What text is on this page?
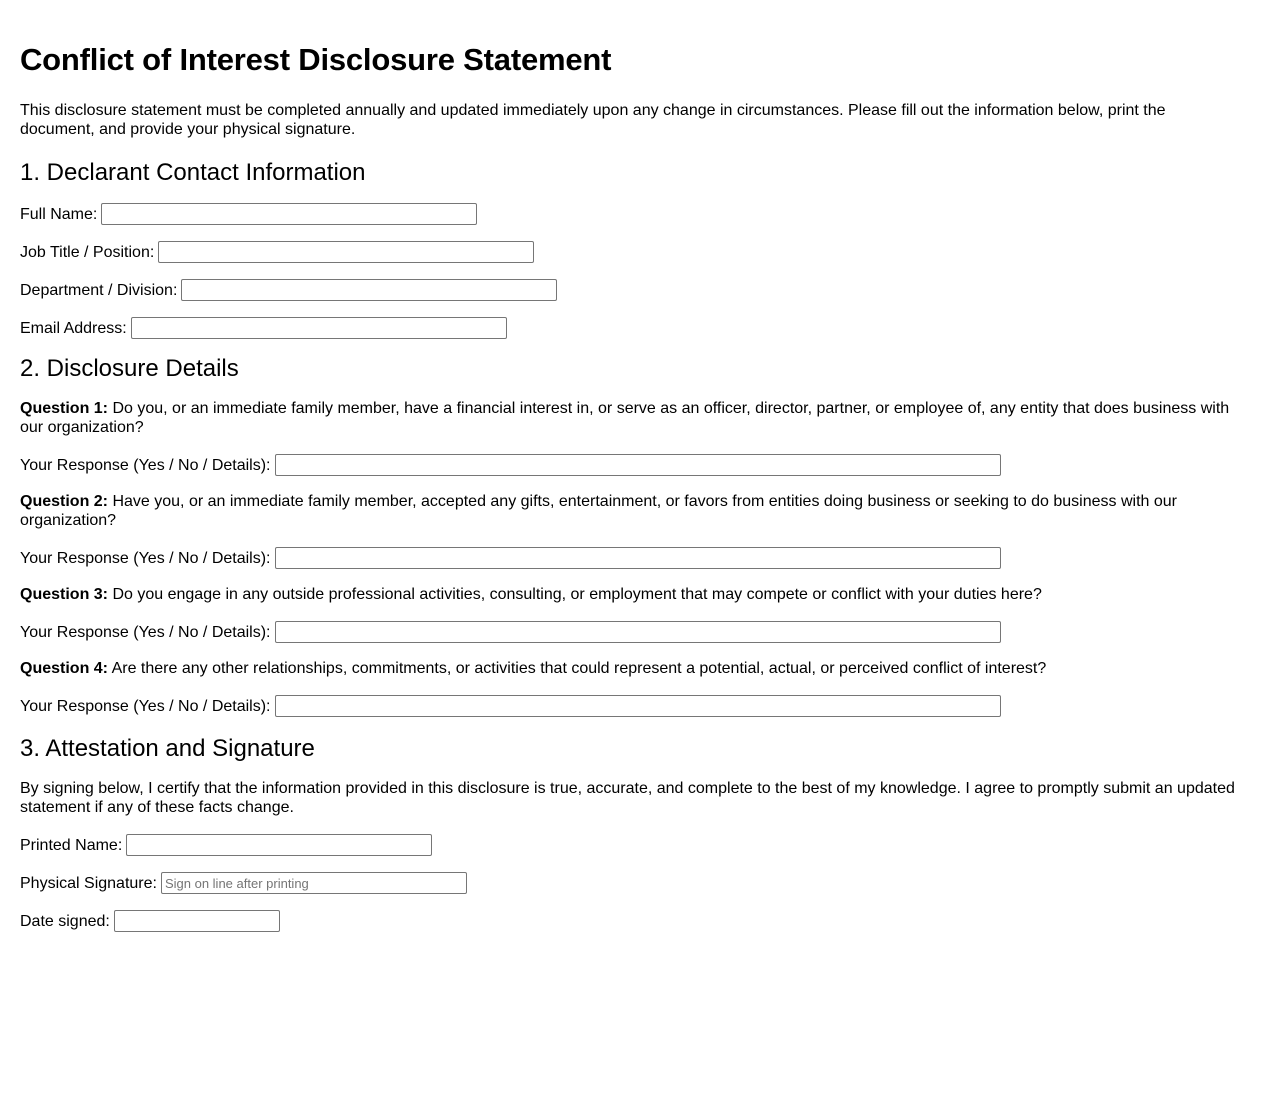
Conflict of Interest Disclosure Statement

This disclosure statement must be completed annually and updated immediately upon any change in circumstances. Please fill out the information below, print the document, and provide your physical signature.

1. Declarant Contact Information
Full Name:
Job Title / Position:
Department / Division:
Email Address:
2. Disclosure Details

Question 1: Do you, or an immediate family member, have a financial interest in, or serve as an officer, director, partner, or employee of, any entity that does business with our organization?

Your Response (Yes / No / Details):

Question 2: Have you, or an immediate family member, accepted any gifts, entertainment, or favors from entities doing business or seeking to do business with our organization?

Your Response (Yes / No / Details):

Question 3: Do you engage in any outside professional activities, consulting, or employment that may compete or conflict with your duties here?

Your Response (Yes / No / Details):

Question 4: Are there any other relationships, commitments, or activities that could represent a potential, actual, or perceived conflict of interest?

Your Response (Yes / No / Details):
3. Attestation and Signature

By signing below, I certify that the information provided in this disclosure is true, accurate, and complete to the best of my knowledge. I agree to promptly submit an updated statement if any of these facts change.

Printed Name:
Physical Signature:
Sign on line after printing
Date signed:
